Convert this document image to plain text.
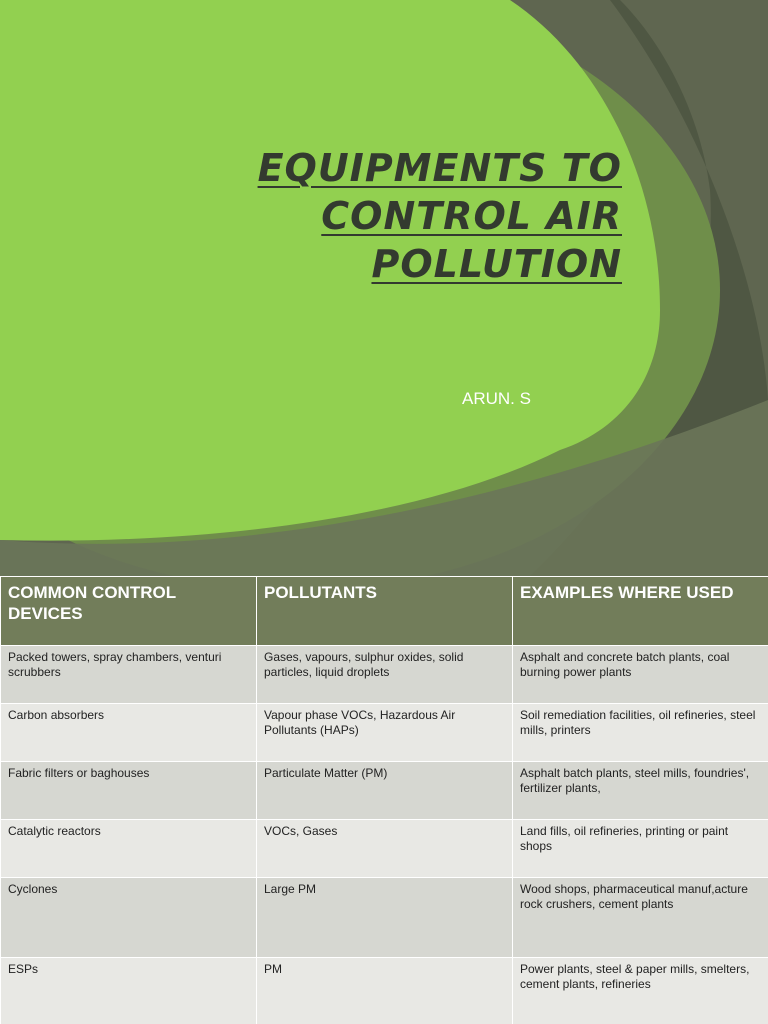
EQUIPMENTS TO
CONTROL AIR
POLLUTION
ARUN. S
COMMON CONTROL DEVICES	POLLUTANTS	EXAMPLES WHERE USED
Packed towers, spray chambers, venturi scrubbers	Gases, vapours, sulphur oxides, solid particles, liquid droplets	Asphalt and concrete batch plants, coal burning power plants
Carbon absorbers	Vapour phase VOCs, Hazardous Air Pollutants (HAPs)	Soil remediation facilities, oil refineries, steel mills, printers
Fabric filters or baghouses	Particulate Matter (PM)	Asphalt batch plants, steel mills, foundries', fertilizer plants,
Catalytic reactors	VOCs, Gases	Land fills, oil refineries, printing or paint shops
Cyclones	Large PM	Wood shops, pharmaceutical manuf,acture rock crushers, cement plants
ESPs	PM	Power plants, steel & paper mills, smelters, cement plants, refineries
